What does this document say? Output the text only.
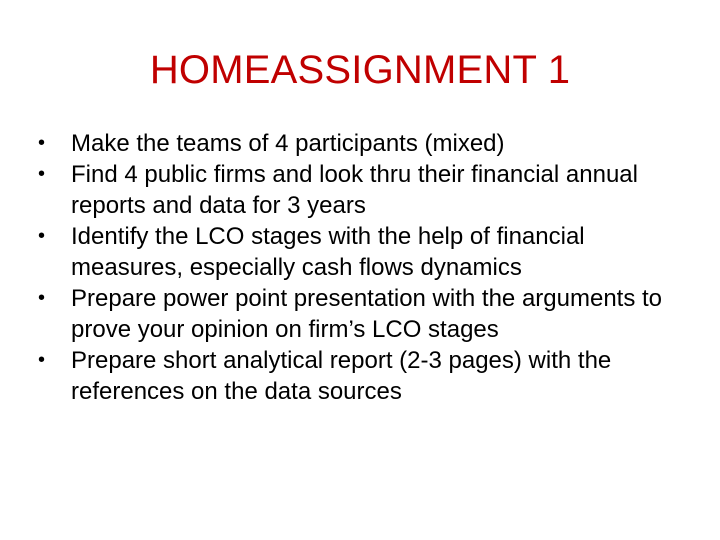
HOMEASSIGNMENT 1
• Make the teams of 4 participants (mixed)
• Find 4 public firms and look thru their financial annual reports and data for 3 years
• Identify the LCO stages with the help of financial measures, especially cash flows dynamics
• Prepare power point presentation with the arguments to prove your opinion on firm’s LCO stages
• Prepare short analytical report (2-3 pages) with the references on the data sources
